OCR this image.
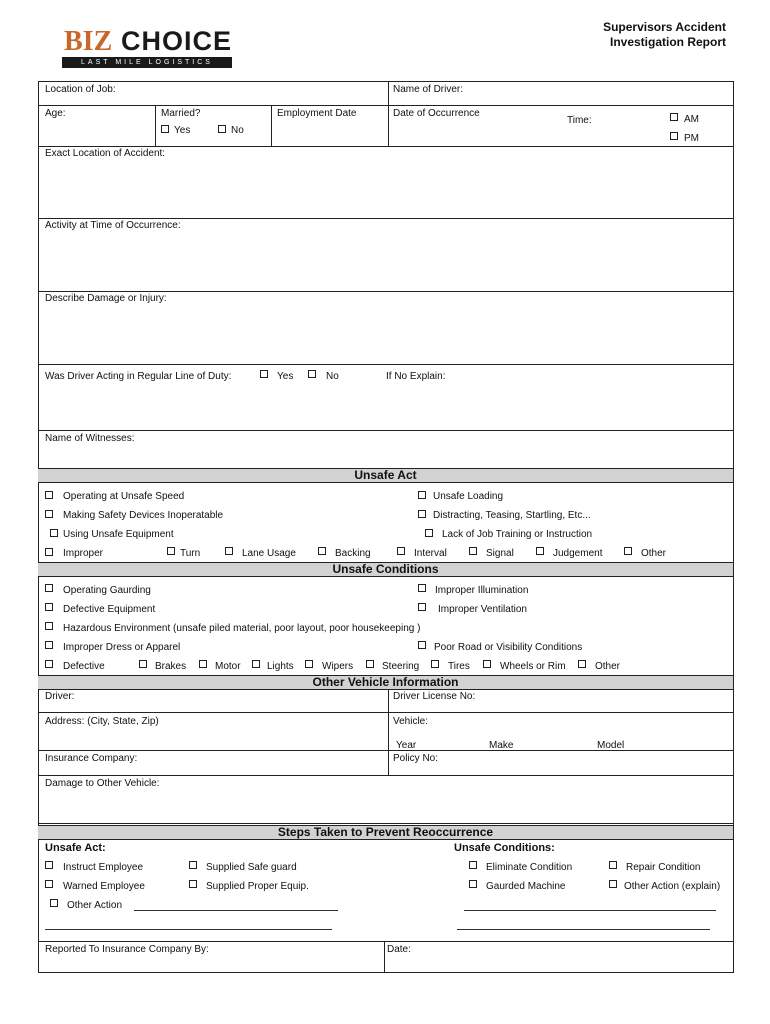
BIZ CHOICE
LAST MILE LOGISTICS
Supervisors Accident
Investigation Report
Location of Job:	Name of Driver:
Age:	Married?
Yes	No
Employment Date	Date of Occurrence
Time:	AM
PM
Exact Location of Accident:
Activity at Time of Occurrence:
Describe Damage or Injury:
Was Driver Acting in Regular Line of Duty:	Yes	No	If No Explain:
Name of Witnesses:
Unsafe Act
Operating at Unsafe Speed	Unsafe Loading
Making Safety Devices Inoperatable	Distracting, Teasing, Startling, Etc...
Using Unsafe Equipment	Lack of Job Training or Instruction
Improper	Turn	Lane Usage	Backing	Interval	Signal	Judgement	Other
Unsafe Conditions
Operating Gaurding	Improper Illumination
Defective Equipment	Improper Ventilation
Hazardous Environment (unsafe piled material, poor layout, poor housekeeping )
Improper Dress or Apparel	Poor Road or Visibility Conditions
Defective	Brakes	Motor	Lights	Wipers	Steering	Tires	Wheels or Rim	Other
Other Vehicle Information
Driver:	Driver License No:
Address: (City, State, Zip)	Vehicle:
Year	Make	Model
Insurance Company:	Policy No:
Damage to Other Vehicle:
Steps Taken to Prevent Reoccurrence
Unsafe Act:	Unsafe Conditions:
Instruct Employee	Supplied Safe guard	Eliminate Condition	Repair Condition
Warned Employee	Supplied Proper Equip.	Gaurded Machine	Other Action (explain)
Other Action
Reported To Insurance Company By:	Date:
